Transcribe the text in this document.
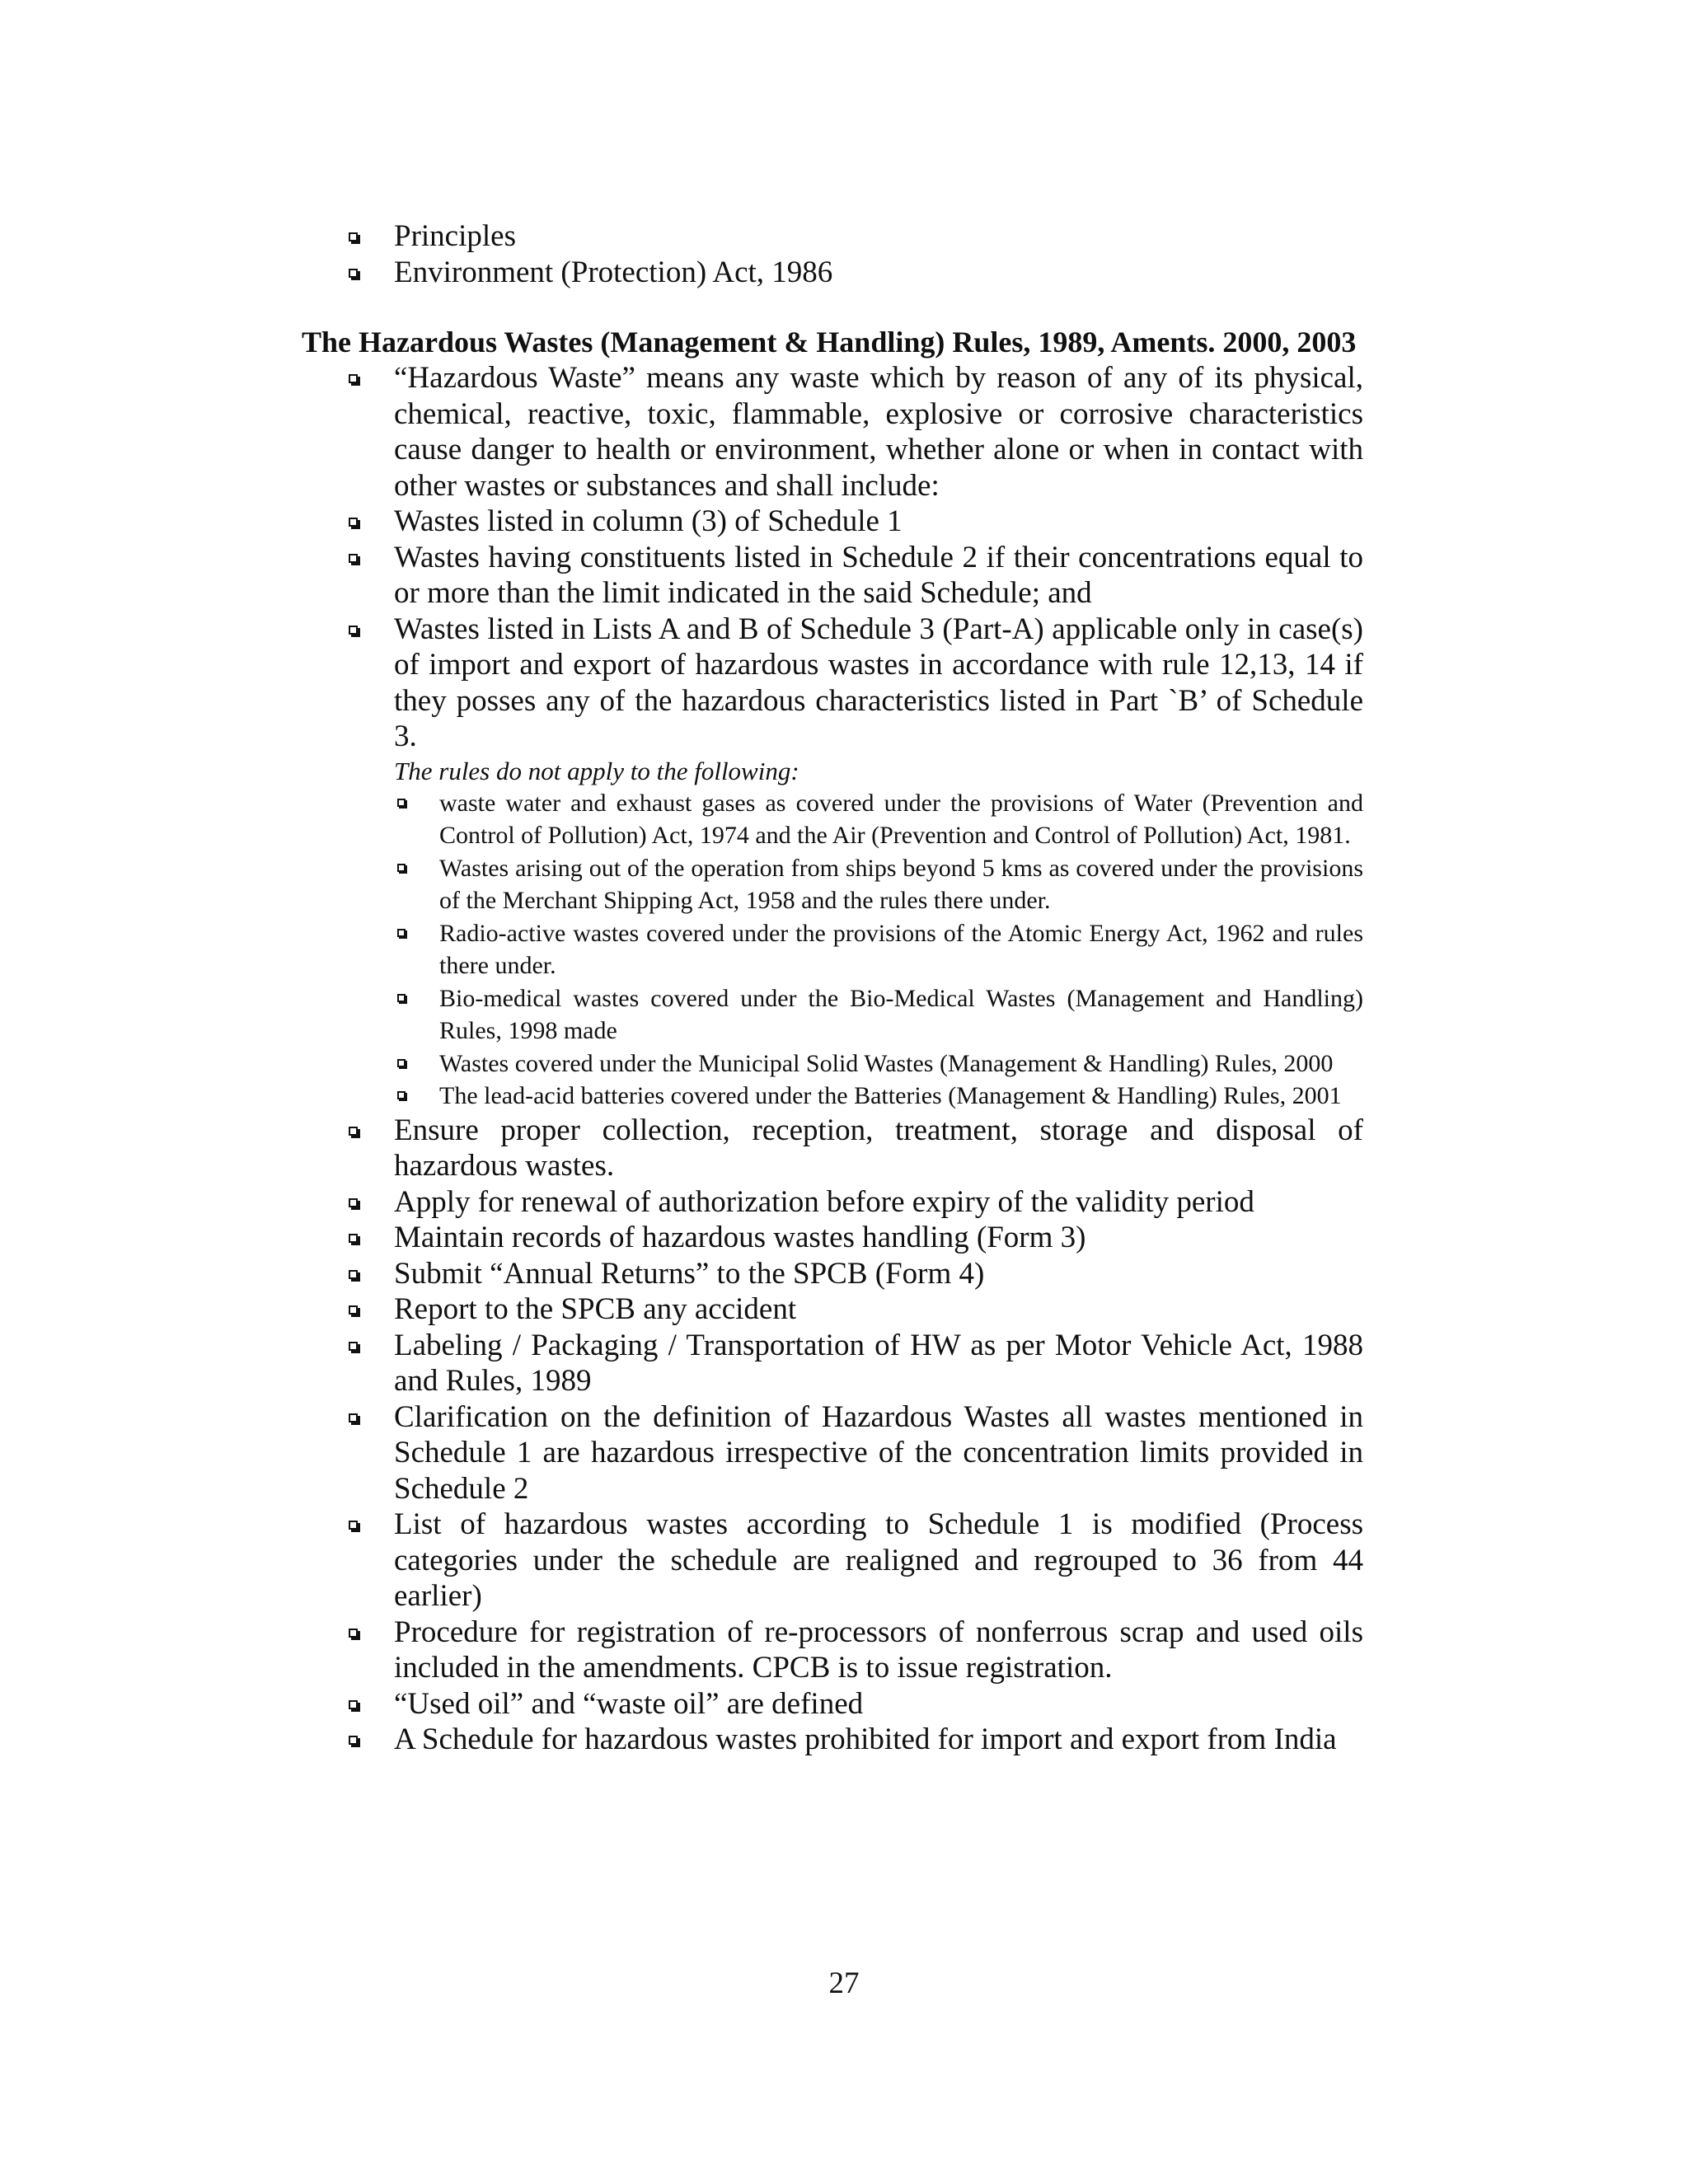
Principles
Environment (Protection) Act, 1986
The Hazardous Wastes (Management & Handling) Rules, 1989, Aments. 2000, 2003
“Hazardous Waste” means any waste which by reason of any of its physical, chemical, reactive, toxic, flammable, explosive or corrosive characteristics cause danger to health or environment, whether alone or when in contact with other wastes or substances and shall include:
Wastes listed in column (3) of Schedule 1
Wastes having constituents listed in Schedule 2 if their concentrations equal to or more than the limit indicated in the said Schedule; and
Wastes listed in Lists A and B of Schedule 3 (Part-A) applicable only in case(s) of import and export of hazardous wastes in accordance with rule 12,13, 14 if they posses any of the hazardous characteristics listed in Part `B’ of Schedule 3.
The rules do not apply to the following:
waste water and exhaust gases as covered under the provisions of Water (Prevention and Control of Pollution) Act, 1974 and the Air (Prevention and Control of Pollution) Act, 1981.
Wastes arising out of the operation from ships beyond 5 kms as covered under the provisions of the Merchant Shipping Act, 1958 and the rules there under.
Radio-active wastes covered under the provisions of the Atomic Energy Act, 1962 and rules there under.
Bio-medical wastes covered under the Bio-Medical Wastes (Management and Handling) Rules, 1998 made
Wastes covered under the Municipal Solid Wastes (Management & Handling) Rules, 2000
The lead-acid batteries covered under the Batteries (Management & Handling) Rules, 2001
Ensure proper collection, reception, treatment, storage and disposal of hazardous wastes.
Apply for renewal of authorization before expiry of the validity period
Maintain records of hazardous wastes handling (Form 3)
Submit “Annual Returns” to the SPCB (Form 4)
Report to the SPCB any accident
Labeling / Packaging / Transportation of HW as per Motor Vehicle Act, 1988 and Rules, 1989
Clarification on the definition of Hazardous Wastes all wastes mentioned in Schedule 1 are hazardous irrespective of the concentration limits provided in Schedule 2
List of hazardous wastes according to Schedule 1 is modified (Process categories under the schedule are realigned and regrouped to 36 from 44 earlier)
Procedure for registration of re-processors of nonferrous scrap and used oils included in the amendments. CPCB is to issue registration.
“Used oil” and “waste oil” are defined
A Schedule for hazardous wastes prohibited for import and export from India
27
